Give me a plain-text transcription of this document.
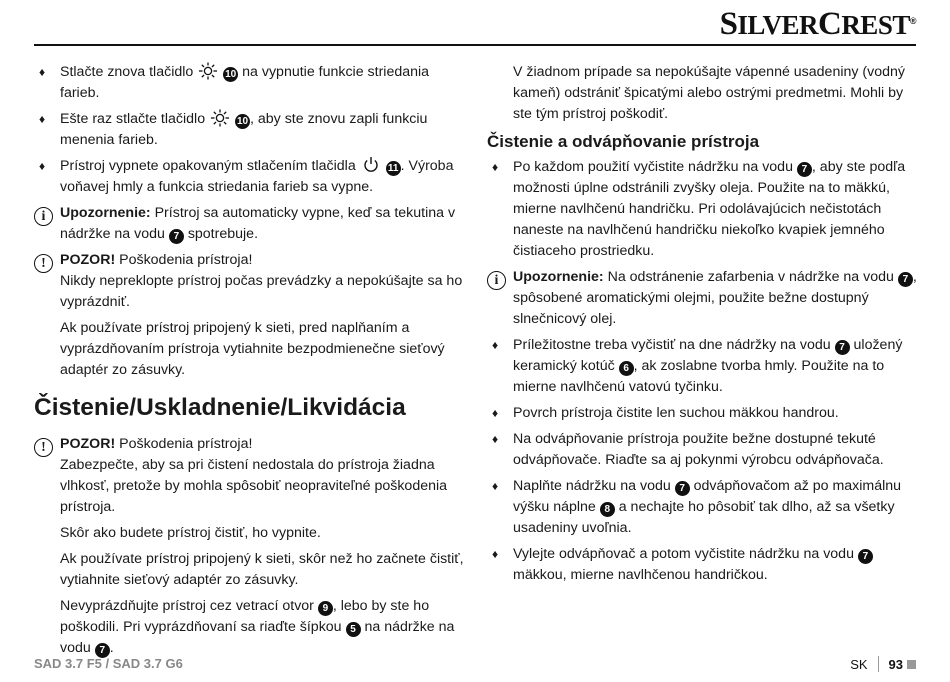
SILVERCREST®
♦	Stlačte znova tlačidlo	10 na vypnutie funkcie striedania farieb.
♦	Ešte raz stlačte tlačidlo	10 , aby ste znovu zapli funkciu menenia farieb.
♦	Prístroj vypnete opakovaným stlačením tlačidla	11 . Výroba voňavej hmly a funkcia striedania farieb sa vypne.
i	Upozornenie: Prístroj sa automaticky vypne, keď sa tekutina v nádržke na vodu 7 spotrebuje.
! POZOR! Poškodenia prístroja!
Nikdy nepreklopte prístroj počas prevádzky a nepokúšajte sa ho vyprázdniť.
Ak používate prístroj pripojený k sieti, pred naplňaním a vyprázdňovaním prístroja vytiahnite bezpodmienečne sieťový adaptér zo zásuvky.
Čistenie/Uskladnenie/Likvidácia
! POZOR! Poškodenia prístroja!
Zabezpečte, aby sa pri čistení nedostala do prístroja žiadna vlhkosť, pretože by mohla spôsobiť neopraviteľné poškodenia prístroja.
Skôr ako budete prístroj čistiť, ho vypnite.
Ak používate prístroj pripojený k sieti, skôr než ho začnete čistiť, vytiahnite sieťový adaptér zo zásuvky.
Nevyprázdňujte prístroj cez vetrací otvor 9 , lebo by ste ho poškodili. Pri vyprázdňovaní sa riaďte šípkou 5 na nádržke na vodu 7 .
V žiadnom prípade sa nepokúšajte vápenné usadeniny (vodný kameň) odstrániť špicatými alebo ostrými predmetmi. Mohli by ste tým prístroj poškodiť.
Čistenie a odvápňovanie prístroja
♦	Po každom použití vyčistite nádržku na vodu 7 , aby ste podľa možnosti úplne odstránili zvyšky oleja. Použite na to mäkkú, mierne navlhčenú handričku. Pri odolávajúcich nečistotách naneste na navlhčenú handričku niekoľko kvapiek jemného čistiaceho prostriedku.
i	Upozornenie: Na odstránenie zafarbenia v nádržke na vodu 7 , spôsobené aromatickými olejmi, použite bežne dostupný slnečnicový olej.
♦	Príležitostne treba vyčistiť na dne nádržky na vodu 7 uložený keramický kotúč 6 , ak zoslabne tvorba hmly. Použite na to mierne navlhčenú vatovú tyčinku.
♦	Povrch prístroja čistite len suchou mäkkou handrou.
♦	Na odvápňovanie prístroja použite bežne dostupné tekuté odvápňovače. Riaďte sa aj pokynmi výrobcu odvápňovača.
♦	Naplňte nádržku na vodu 7 odvápňovačom až po maximálnu výšku náplne 8 a nechajte ho pôsobiť tak dlho, až sa všetky usadeniny uvoľnia.
♦	Vylejte odvápňovač a potom vyčistite nádržku na vodu 7 mäkkou, mierne navlhčenou handričkou.
SAD 3.7 F5 / SAD 3.7 G6	SK 93
